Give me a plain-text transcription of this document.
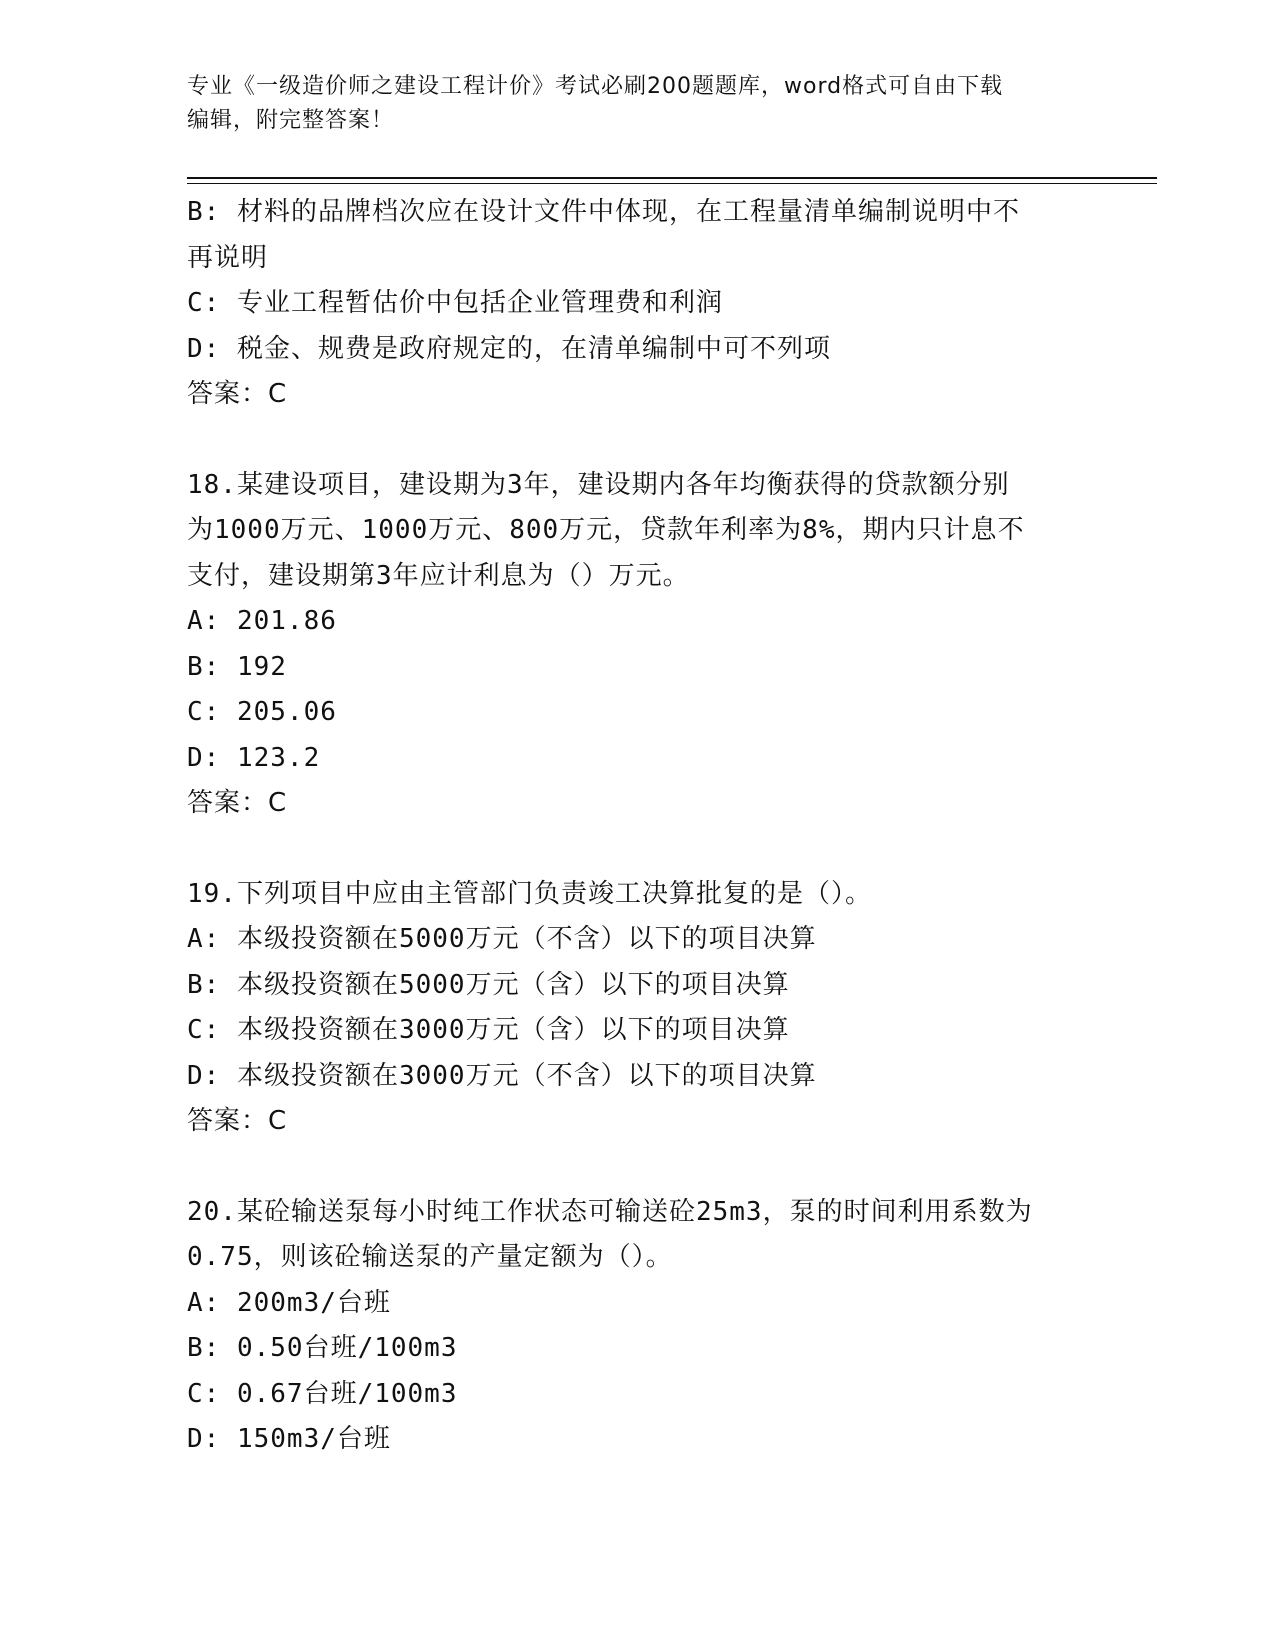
专业《一级造价师之建设工程计价》考试必刷200题题库，word格式可自由下载
编辑，附完整答案！
B: 材料的品牌档次应在设计文件中体现，在工程量清单编制说明中不
再说明
C: 专业工程暂估价中包括企业管理费和利润
D: 税金、规费是政府规定的，在清单编制中可不列项
答案：C
18.某建设项目，建设期为3年，建设期内各年均衡获得的贷款额分别
为1000万元、1000万元、800万元，贷款年利率为8%，期内只计息不
支付，建设期第3年应计利息为（）万元。
A: 201.86
B: 192
C: 205.06
D: 123.2
答案：C
19.下列项目中应由主管部门负责竣工决算批复的是（）。
A: 本级投资额在5000万元（不含）以下的项目决算
B: 本级投资额在5000万元（含）以下的项目决算
C: 本级投资额在3000万元（含）以下的项目决算
D: 本级投资额在3000万元（不含）以下的项目决算
答案：C
20.某砼输送泵每小时纯工作状态可输送砼25m3，泵的时间利用系数为
0.75，则该砼输送泵的产量定额为（）。
A: 200m3/台班
B: 0.50台班/100m3
C: 0.67台班/100m3
D: 150m3/台班
